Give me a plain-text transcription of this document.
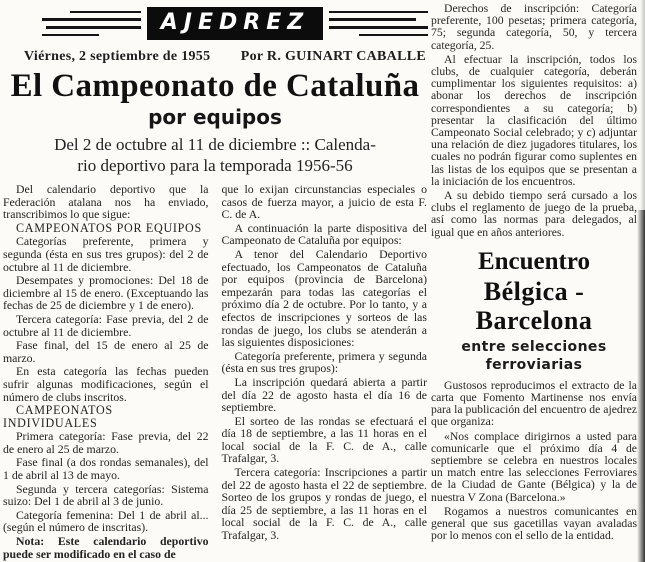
AJEDREZ
Viérnes, 2 septiembre de 1955 Por R. GUINART CABALLE
El Campeonato de Cataluña
por equipos
Del 2 de octubre al 11 de diciembre :: Calenda-
rio deportivo para la temporada 1956-56

Del calendario deportivo que la Federación atalana nos ha enviado, transcribimos lo que sigue:

CAMPEONATOS POR EQUIPOS

Categorías preferente, primera y segunda (ésta en sus tres grupos): del 2 de octubre al 11 de diciembre.

Desempates y promociones: Del 18 de diciembre al 15 de enero. (Exceptuando las fechas de 25 de diciembre y 1 de enero).

Tercera categoría: Fase previa, del 2 de octubre al 11 de diciembre.

Fase final, del 15 de enero al 25 de marzo.

En esta categoría las fechas pueden sufrir algunas modificaciones, según el número de clubs inscritos.

CAMPEONATOS INDIVIDUALES

Primera categoría: Fase previa, del 22 de enero al 25 de marzo.

Fase final (a dos rondas semanales), del 1 de abril al 13 de mayo.

Segunda y tercera categorías: Sistema suizo: Del 1 de abril al 3 de junio.

Categoría femenina: Del 1 de abril al... (según el número de inscritas).

Nota: Este calendario deportivo puede ser modificado en el caso de

que lo exijan circunstancias especiales o casos de fuerza mayor, a juicio de esta F. C. de A.

A continuación la parte dispositiva del Campeonato de Cataluña por equipos:

A tenor del Calendario Deportivo efectuado, los Campeonatos de Cataluña por equipos (provincia de Barcelona) empezarán para todas las categorías el próximo día 2 de octubre. Por lo tanto, y a efectos de inscripciones y sorteos de las rondas de juego, los clubs se atenderán a las siguientes disposiciones:

Categoría preferente, primera y segunda (ésta en sus tres grupos):

La inscripción quedará abierta a partir del día 22 de agosto hasta el día 16 de septiembre.

El sorteo de las rondas se efectuará el día 18 de septiembre, a las 11 horas en el local social de la F. C. de A., calle Trafalgar, 3.

Tercera categoría: Inscripciones a partir del 22 de agosto hasta el 22 de septiembre. Sorteo de los grupos y rondas de juego, el día 25 de septiembre, a las 11 horas en el local social de la F. C. de A., calle Trafalgar, 3.

Derechos de inscripción: Categoría preferente, 100 pesetas; primera categoría, 75; segunda categoría, 50, y tercera categoría, 25.

Al efectuar la inscripción, todos los clubs, de cualquier categoría, deberán cumplimentar los siguientes requisitos: a) abonar los derechos de inscripción correspondientes a su categoría; b) presentar la clasificación del último Campeonato Social celebrado; y c) adjuntar una relación de diez jugadores titulares, los cuales no podrán figurar como suplentes en las listas de los equipos que se presentan a la iniciación de los encuentros.

A su debido tiempo será cursado a los clubs el reglamento de juego de la prueba, así como las normas para delegados, al igual que en años anteriores.

Encuentro
Bélgica - Barcelona
entre selecciones
ferroviarias

Gustosos reproducimos el extracto de la carta que Fomento Martinense nos envía para la publicación del encuentro de ajedrez que organiza:

«Nos complace dirigirnos a usted para comunicarle que el próximo día 4 de septiembre se celebra en nuestros locales un match entre las selecciones Ferroviares de la Ciudad de Gante (Bélgica) y la de nuestra V Zona (Barcelona.»

Rogamos a nuestros comunicantes en general que sus gacetillas vayan avaladas por lo menos con el sello de la entidad.
